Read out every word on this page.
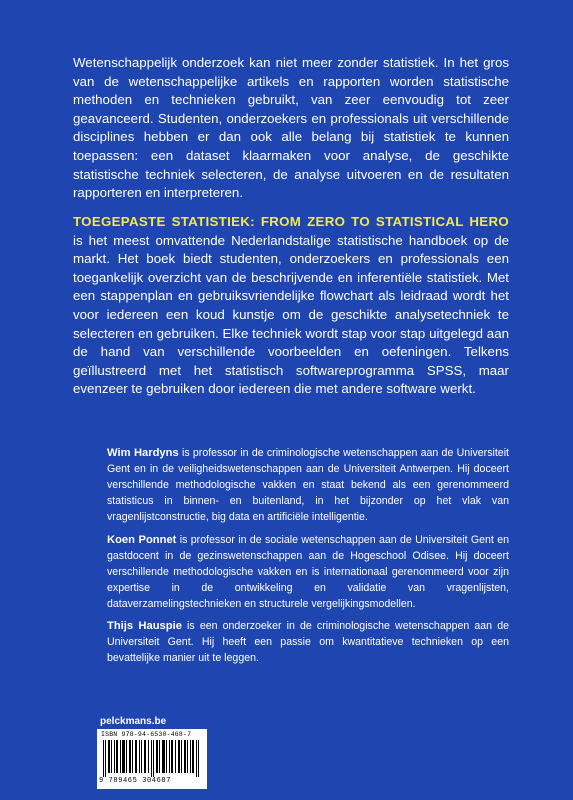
Wetenschappelijk onderzoek kan niet meer zonder statistiek. In het gros van de wetenschappelijke artikels en rapporten worden statistische methoden en technieken gebruikt, van zeer eenvoudig tot zeer geavanceerd. Studenten, onderzoekers en professionals uit verschillende disciplines hebben er dan ook alle belang bij statistiek te kunnen toepassen: een dataset klaarmaken voor analyse, de geschikte statistische techniek selecteren, de analyse uitvoeren en de resultaten rapporteren en interpreteren.

TOEGEPASTE STATISTIEK: FROM ZERO TO STATISTICAL HERO is het meest omvattende Nederlandstalige statistische handboek op de markt. Het boek biedt studenten, onderzoekers en professionals een toegankelijk overzicht van de beschrijvende en inferentiële statistiek. Met een stappenplan en gebruiksvriendelijke flowchart als leidraad wordt het voor iedereen een koud kunstje om de geschikte analysetechniek te selecteren en gebruiken. Elke techniek wordt stap voor stap uitgelegd aan de hand van verschillende voorbeelden en oefeningen. Telkens geïllustreerd met het statistisch softwareprogramma SPSS, maar evenzeer te gebruiken door iedereen die met andere software werkt.

Wim Hardyns is professor in de criminologische wetenschappen aan de Universiteit Gent en in de veiligheidswetenschappen aan de Universiteit Antwerpen. Hij doceert verschillende methodologische vakken en staat bekend als een gerenommeerd statisticus in binnen- en buitenland, in het bijzonder op het vlak van vragenlijstconstructie, big data en artificiële intelligentie.

Koen Ponnet is professor in de sociale wetenschappen aan de Universiteit Gent en gastdocent in de gezinswetenschappen aan de Hogeschool Odisee. Hij doceert verschillende methodologische vakken en is internationaal gerenommeerd voor zijn expertise in de ontwikkeling en validatie van vragenlijsten, dataverzamelingstechnieken en structurele vergelijkingsmodellen.

Thijs Hauspie is een onderzoeker in de criminologische wetenschappen aan de Universiteit Gent. Hij heeft een passie om kwantitatieve technieken op een bevattelijke manier uit te leggen.

pelckmans.be
ISBN 978-94-6530-468-7
9 789465 304687
